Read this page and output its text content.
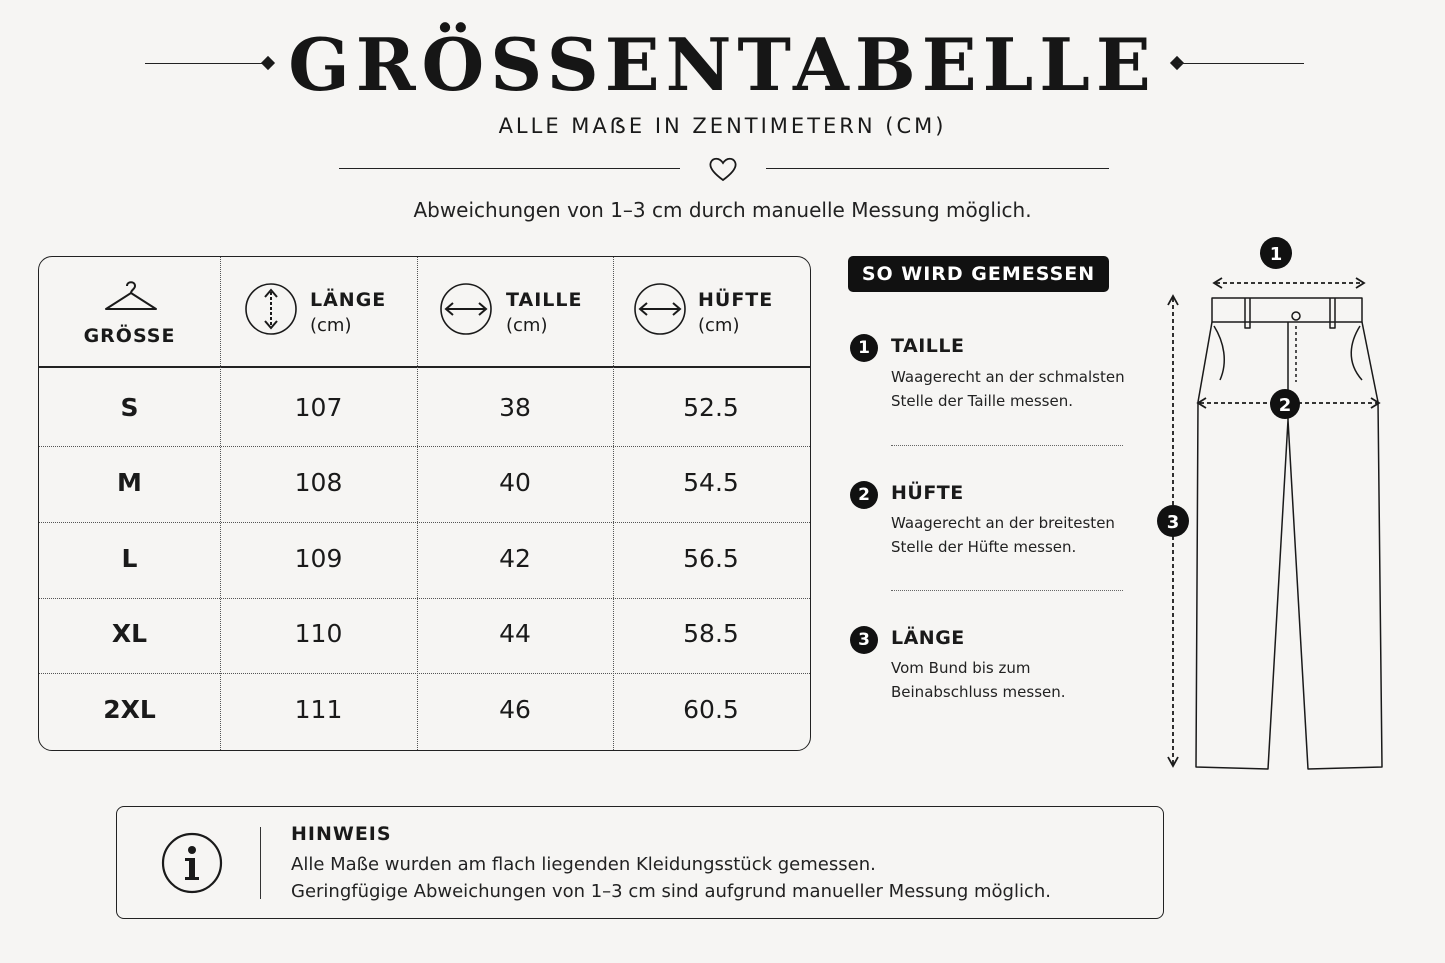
GRÖSSENTABELLE
ALLE MAẞE IN ZENTIMETERN (CM)
Abweichungen von 1–3 cm durch manuelle Messung möglich.
GRÖSSE
LÄNGE
(cm)
TAILLE
(cm)
HÜFTE
(cm)
S	107	38	52.5
M	108	40	54.5
L	109	42	56.5
XL	110	44	58.5
2XL	111	46	60.5
SO WIRD GEMESSEN
1	TAILLE
Waagerecht an der schmalsten
Stelle der Taille messen.
2	HÜFTE
Waagerecht an der breitesten
Stelle der Hüfte messen.
3	LÄNGE
Vom Bund bis zum
Beinabschluss messen.
1
2
3
HINWEIS
Alle Maße wurden am flach liegenden Kleidungsstück gemessen.
Geringfügige Abweichungen von 1–3 cm sind aufgrund manueller Messung möglich.
